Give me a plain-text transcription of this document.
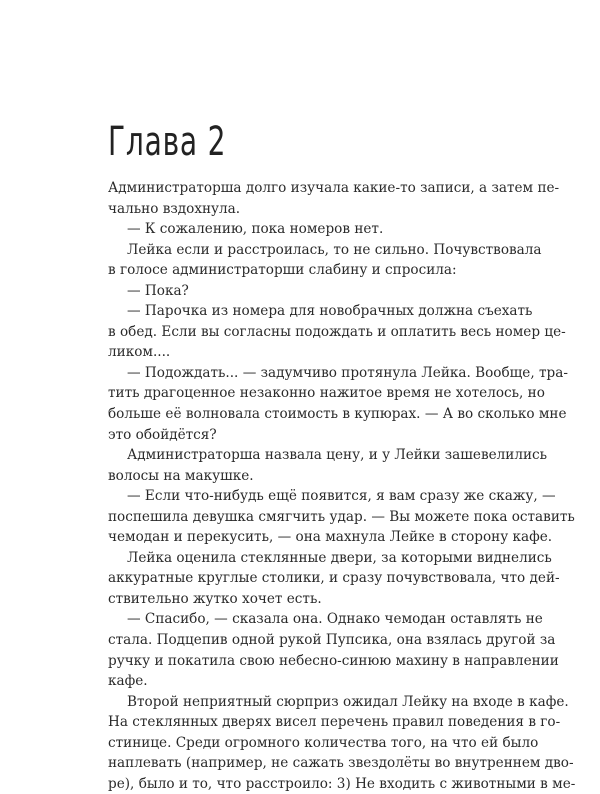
Глава 2
Администраторша долго изучала какие-то записи, а затем пе-
чально вздохнула.
— К сожалению, пока номеров нет.
Лейка если и расстроилась, то не сильно. Почувствовала
в голосе администраторши слабину и спросила:
— Пока?
— Парочка из номера для новобрачных должна съехать
в обед. Если вы согласны подождать и оплатить весь номер це-
ликом....
— Подождать... — задумчиво протянула Лейка. Вообще, тра-
тить драгоценное незаконно нажитое время не хотелось, но
больше её волновала стоимость в купюрах. — А во сколько мне
это обойдётся?
Администраторша назвала цену, и у Лейки зашевелились
волосы на макушке.
— Если что-нибудь ещё появится, я вам сразу же скажу, —
поспешила девушка смягчить удар. — Вы можете пока оставить
чемодан и перекусить, — она махнула Лейке в сторону кафе.
Лейка оценила стеклянные двери, за которыми виднелись
аккуратные круглые столики, и сразу почувствовала, что дей-
ствительно жутко хочет есть.
— Спасибо, — сказала она. Однако чемодан оставлять не
стала. Подцепив одной рукой Пупсика, она взялась другой за
ручку и покатила свою небесно-синюю махину в направлении
кафе.
Второй неприятный сюрприз ожидал Лейку на входе в кафе.
На стеклянных дверях висел перечень правил поведения в го-
стинице. Среди огромного количества того, на что ей было
наплевать (например, не сажать звездолёты во внутреннем дво-
ре), было и то, что расстроило: 3) Не входить с животными в ме-
